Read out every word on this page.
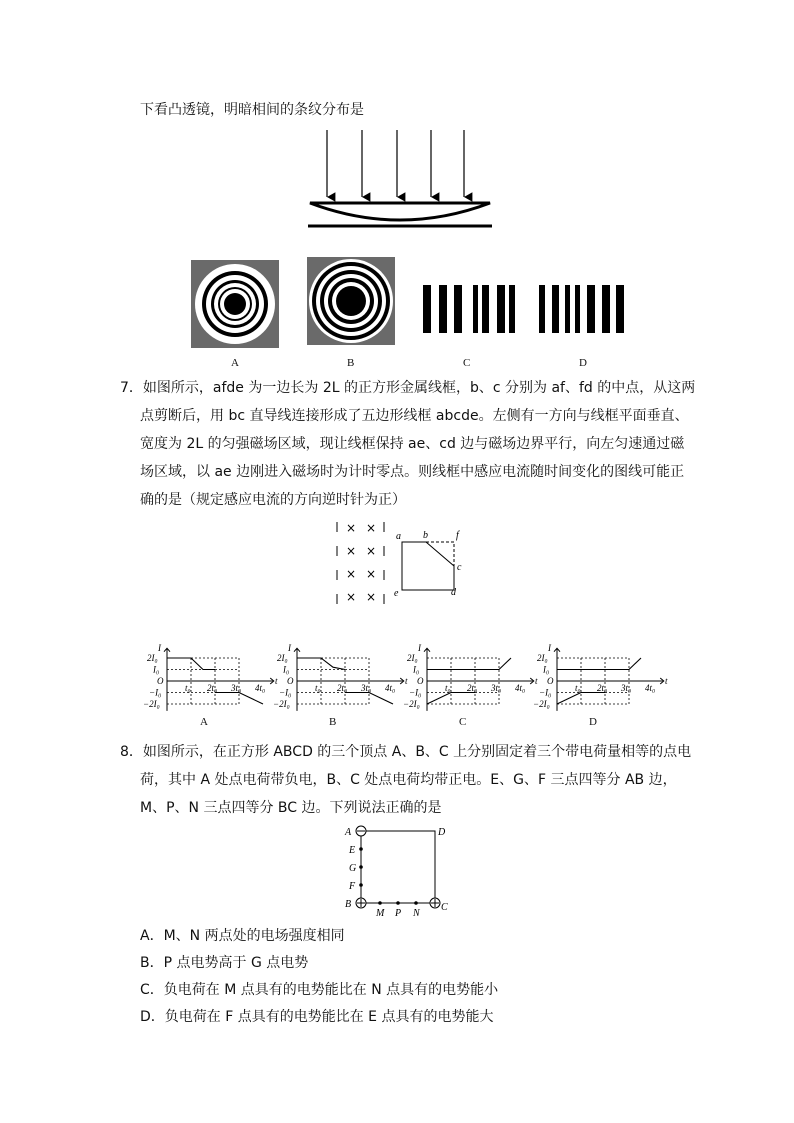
下看凸透镜，明暗相间的条纹分布是
A	B	C	D
7．如图所示，afde 为一边长为 2L 的正方形金属线框，b、c 分别为 af、fd 的中点，从这两
点剪断后，用 bc 直导线连接形成了五边形线框 abcde。左侧有一方向与线框平面垂直、
宽度为 2L 的匀强磁场区域，现让线框保持 ae、cd 边与磁场边界平行，向左匀速通过磁
场区域，以 ae 边刚进入磁场时为计时零点。则线框中感应电流随时间变化的图线可能正
确的是（规定感应电流的方向逆时针为正）
× ×
× ×
× ×
× ×
a b	f
c
e	d
I
t
O
2I₀
I₀
−I₀
−2I₀
t₀ 2t₀ 3t₀ 4t₀
I
t
O
2I₀
I₀
−I₀
−2I₀
t₀ 2t₀ 3t₀ 4t₀
I
t
O
2I₀
I₀
−I₀
−2I₀
t₀ 2t₀ 3t₀ 4t₀
I
t
O
2I₀
I₀
−I₀
−2I₀
t₀ 2t₀ 3t₀ 4t₀
A	B	C	D
8．如图所示，在正方形 ABCD 的三个顶点 A、B、C 上分别固定着三个带电荷量相等的点电
荷，其中 A 处点电荷带负电，B、C 处点电荷均带正电。E、G、F 三点四等分 AB 边，
M、P、N 三点四等分 BC 边。下列说法正确的是
A	D
E
G
F
B	C
M P N
A．M、N 两点处的电场强度相同
B．P 点电势高于 G 点电势
C．负电荷在 M 点具有的电势能比在 N 点具有的电势能小
D．负电荷在 F 点具有的电势能比在 E 点具有的电势能大
